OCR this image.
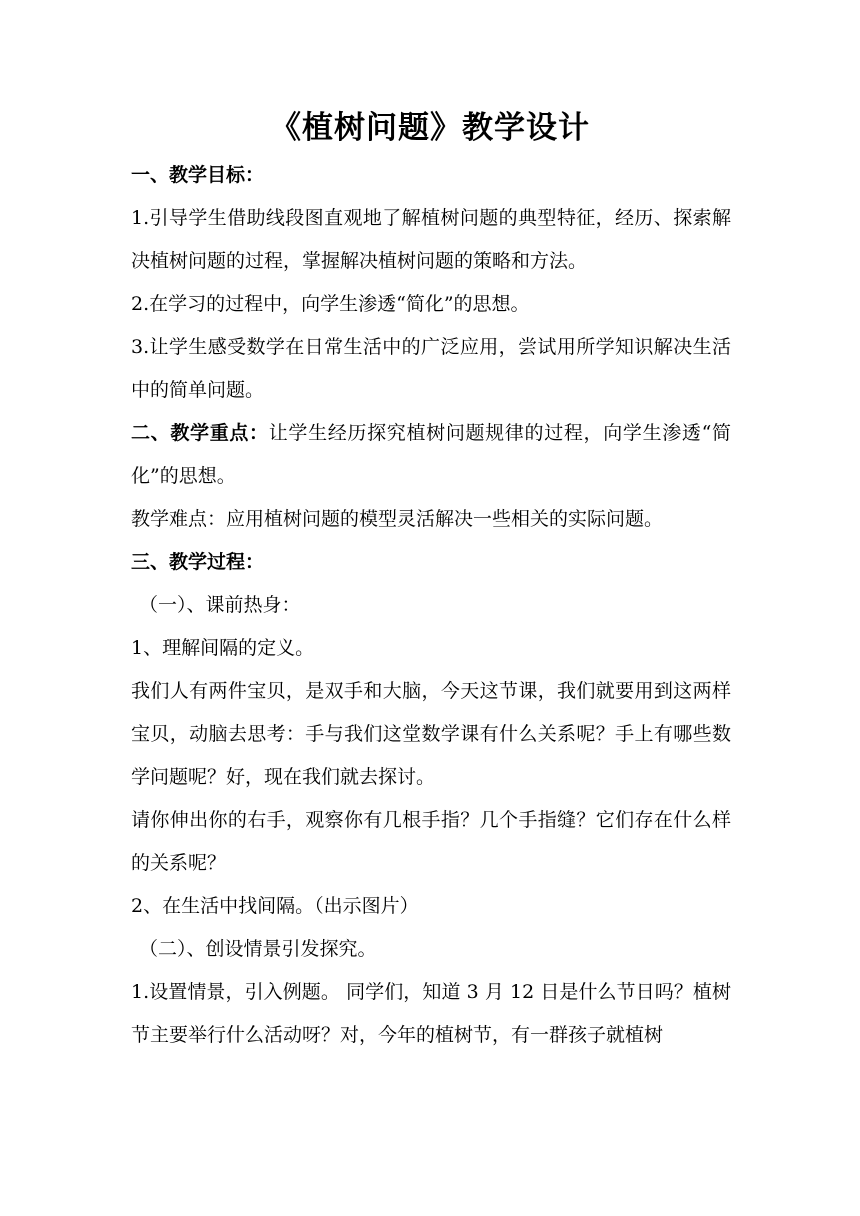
《植树问题》教学设计

一、教学目标：

1.引导学生借助线段图直观地了解植树问题的典型特征，经历、探索解决植树问题的过程，掌握解决植树问题的策略和方法。

2.在学习的过程中，向学生渗透“简化”的思想。

3.让学生感受数学在日常生活中的广泛应用，尝试用所学知识解决生活中的简单问题。

二、教学重点：让学生经历探究植树问题规律的过程，向学生渗透“简化”的思想。

教学难点：应用植树问题的模型灵活解决一些相关的实际问题。

三、教学过程：

（一）、课前热身：

1、理解间隔的定义。

我们人有两件宝贝，是双手和大脑，今天这节课，我们就要用到这两样宝贝，动脑去思考：手与我们这堂数学课有什么关系呢？手上有哪些数学问题呢？好，现在我们就去探讨。

请你伸出你的右手，观察你有几根手指？几个手指缝？它们存在什么样的关系呢？

2、在生活中找间隔。（出示图片）

（二）、创设情景引发探究。

1.设置情景，引入例题。 同学们，知道 3 月 12 日是什么节日吗？植树节主要举行什么活动呀？对，今年的植树节，有一群孩子就植树
